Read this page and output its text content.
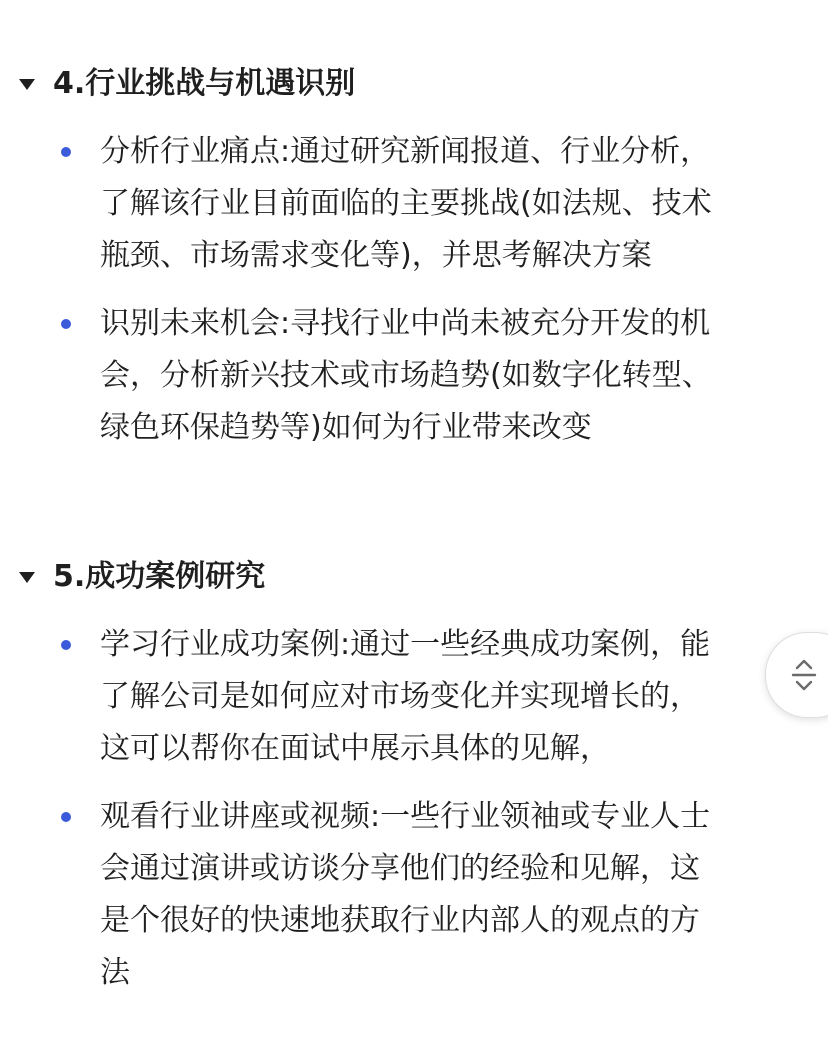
4.行业挑战与机遇识别
分析行业痛点:通过研究新闻报道、行业分析，
了解该行业目前面临的主要挑战(如法规、技术
瓶颈、市场需求变化等)，并思考解决方案
识别未来机会:寻找行业中尚未被充分开发的机
会，分析新兴技术或市场趋势(如数字化转型、
绿色环保趋势等)如何为行业带来改变
5.成功案例研究
学习行业成功案例:通过一些经典成功案例，能
了解公司是如何应对市场变化并实现增长的，
这可以帮你在面试中展示具体的见解，
观看行业讲座或视频:一些行业领袖或专业人士
会通过演讲或访谈分享他们的经验和见解，这
是个很好的快速地获取行业内部人的观点的方
法
